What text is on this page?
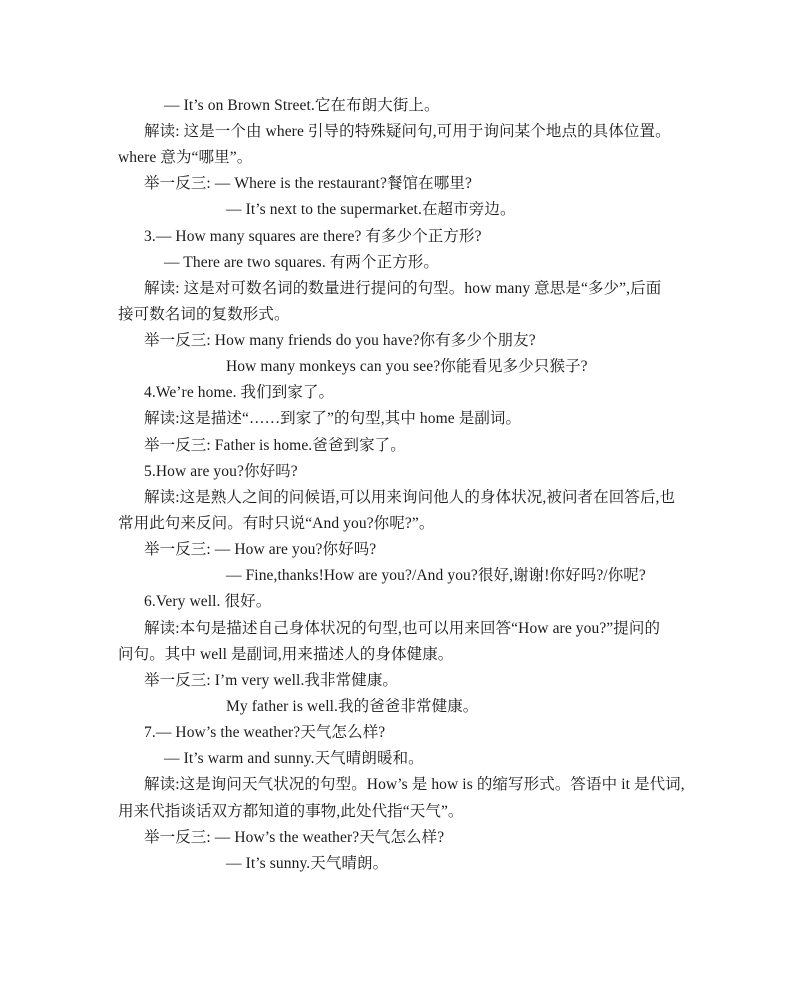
— It’s on Brown Street.它在布朗大街上。
解读: 这是一个由 where 引导的特殊疑问句,可用于询问某个地点的具体位置。
where 意为“哪里”。
举一反三: — Where is the restaurant?餐馆在哪里?
— It’s next to the supermarket.在超市旁边。
3.— How many squares are there? 有多少个正方形?
— There are two squares. 有两个正方形。
解读: 这是对可数名词的数量进行提问的句型。how many 意思是“多少”,后面
接可数名词的复数形式。
举一反三: How many friends do you have?你有多少个朋友?
How many monkeys can you see?你能看见多少只猴子?
4.We’re home. 我们到家了。
解读:这是描述“……到家了”的句型,其中 home 是副词。
举一反三: Father is home.爸爸到家了。
5.How are you?你好吗?
解读:这是熟人之间的问候语,可以用来询问他人的身体状况,被问者在回答后,也
常用此句来反问。有时只说“And you?你呢?”。
举一反三: — How are you?你好吗?
— Fine,thanks!How are you?/And you?很好,谢谢!你好吗?/你呢?
6.Very well. 很好。
解读:本句是描述自己身体状况的句型,也可以用来回答“How are you?”提问的
问句。其中 well 是副词,用来描述人的身体健康。
举一反三: I’m very well.我非常健康。
My father is well.我的爸爸非常健康。
7.— How’s the weather?天气怎么样?
— It’s warm and sunny.天气晴朗暖和。
解读:这是询问天气状况的句型。How’s 是 how is 的缩写形式。答语中 it 是代词,
用来代指谈话双方都知道的事物,此处代指“天气”。
举一反三: — How’s the weather?天气怎么样?
— It’s sunny.天气晴朗。
